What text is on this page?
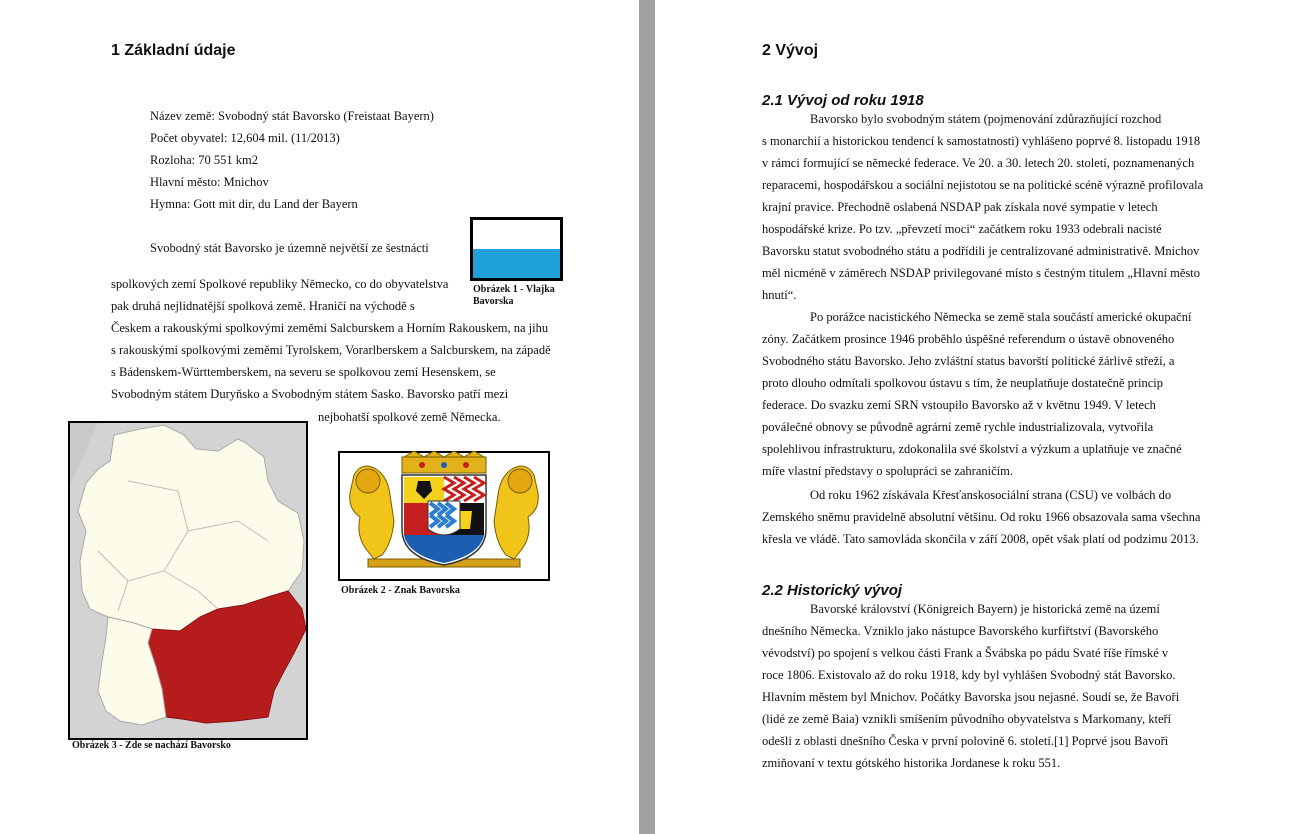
1 Základní údaje

Název země: Svobodný stát Bavorsko (Freistaat Bayern)

Počet obyvatel: 12,604 mil. (11/2013)

Rozloha: 70 551 km2

Hlavní město: Mnichov

Hymna: Gott mit dir, du Land der Bayern

Svobodný stát Bavorsko je územně největší ze šestnácti

spolkových zemí Spolkové republiky Německo, co do obyvatelstva

pak druhá nejlidnatější spolková země. Hraničí na východě s

Českem a rakouskými spolkovými zeměmi Salcburskem a Horním Rakouskem, na jihu

s rakouskými spolkovými zeměmi Tyrolskem, Vorarlberskem a Salcburskem, na západě

s Bádenskem-Württemberskem, na severu se spolkovou zemí Hesenskem, se

Svobodným státem Duryňsko a Svobodným státem Sasko. Bavorsko patří mezi

nejbohatší spolkové země Německa.

Obrázek 1 - Vlajka Bavorska

Obrázek 2 - Znak Bavorska

Obrázek 3 - Zde se nachází Bavorsko

2 Vývoj
2.1 Vývoj od roku 1918

Bavorsko bylo svobodným státem (pojmenování zdůrazňující rozchod

s monarchií a historickou tendencí k samostatnosti) vyhlášeno poprvé 8. listopadu 1918

v rámci formující se německé federace. Ve 20. a 30. letech 20. století, poznamenaných

reparacemi, hospodářskou a sociální nejistotou se na politické scéně výrazně profilovala

krajní pravice. Přechodně oslabená NSDAP pak získala nové sympatie v letech

hospodářské krize. Po tzv. „převzetí moci“ začátkem roku 1933 odebrali nacisté

Bavorsku statut svobodného státu a podřídili je centralizované administrativě. Mnichov

měl nicméně v záměrech NSDAP privilegované místo s čestným titulem „Hlavní město

hnutí“.

Po porážce nacistického Německa se země stala součástí americké okupační

zóny. Začátkem prosince 1946 proběhlo úspěšné referendum o ústavě obnoveného

Svobodného státu Bavorsko. Jeho zvláštní status bavorští politické žárlivě střeží, a

proto dlouho odmítali spolkovou ústavu s tím, že neuplatňuje dostatečně princip

federace. Do svazku zemí SRN vstoupilo Bavorsko až v květnu 1949. V letech

poválečné obnovy se původně agrární země rychle industrializovala, vytvořila

spolehlivou infrastrukturu, zdokonalila své školství a výzkum a uplatňuje ve značné

míře vlastní představy o spolupráci se zahraničím.

Od roku 1962 získávala Křesťanskosociální strana (CSU) ve volbách do

Zemského sněmu pravidelně absolutní většinu. Od roku 1966 obsazovala sama všechna

křesla ve vládě. Tato samovláda skončila v září 2008, opět však platí od podzimu 2013.

2.2 Historický vývoj

Bavorské království (Königreich Bayern) je historická země na území

dnešního Německa. Vzniklo jako nástupce Bavorského kurfiřtství (Bavorského

vévodství) po spojení s velkou části Frank a Švábska po pádu Svaté říše římské v

roce 1806. Existovalo až do roku 1918, kdy byl vyhlášen Svobodný stát Bavorsko.

Hlavním městem byl Mnichov. Počátky Bavorska jsou nejasné. Soudí se, že Bavoři

(lidé ze země Baia) vznikli smíšením původního obyvatelstva s Markomany, kteří

odešli z oblasti dnešního Česka v první polovině 6. století.[1] Poprvé jsou Bavoři

zmiňovaní v textu gótského historika Jordanese k roku 551.
